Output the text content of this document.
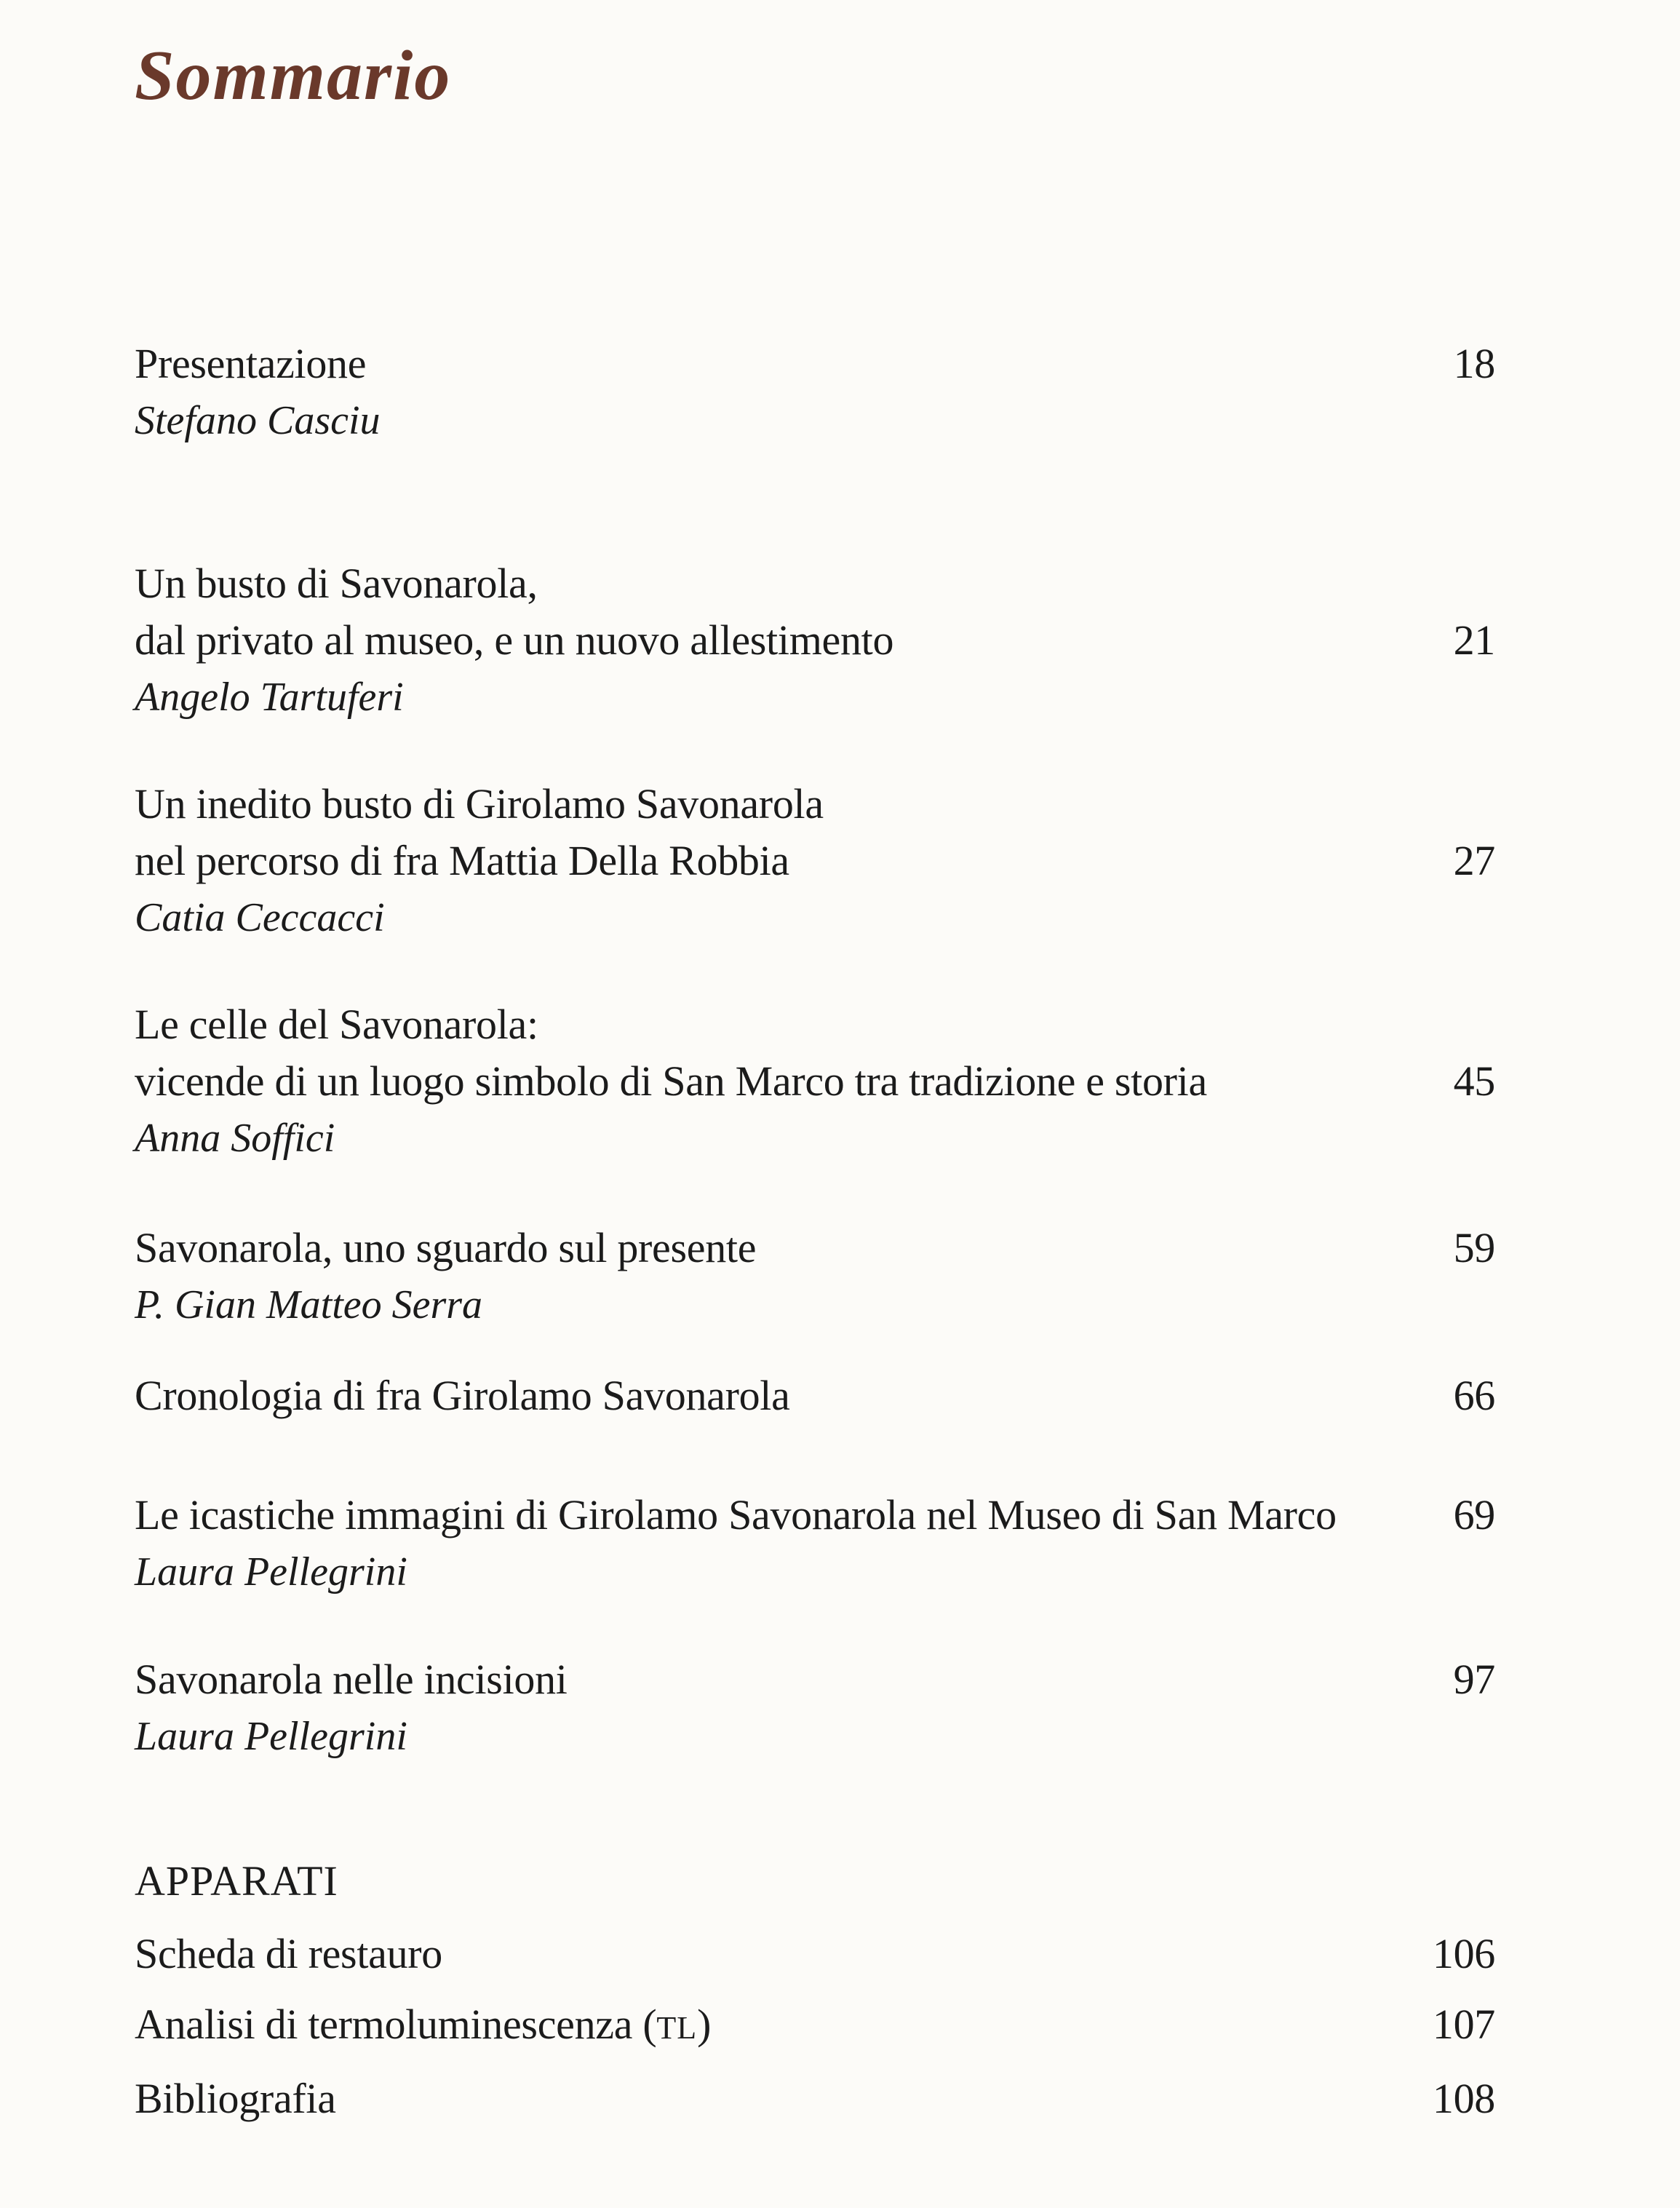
Sommario
Presentazione	18
Stefano Casciu
Un busto di Savonarola,
dal privato al museo, e un nuovo allestimento	21
Angelo Tartuferi
Un inedito busto di Girolamo Savonarola
nel percorso di fra Mattia Della Robbia	27
Catia Ceccacci
Le celle del Savonarola:
vicende di un luogo simbolo di San Marco tra tradizione e storia	45
Anna Soffici
Savonarola, uno sguardo sul presente	59
P. Gian Matteo Serra
Cronologia di fra Girolamo Savonarola	66
Le icastiche immagini di Girolamo Savonarola nel Museo di San Marco	69
Laura Pellegrini
Savonarola nelle incisioni	97
Laura Pellegrini
APPARATI
Scheda di restauro	106
Analisi di termoluminescenza (TL)	107
Bibliografia	108
